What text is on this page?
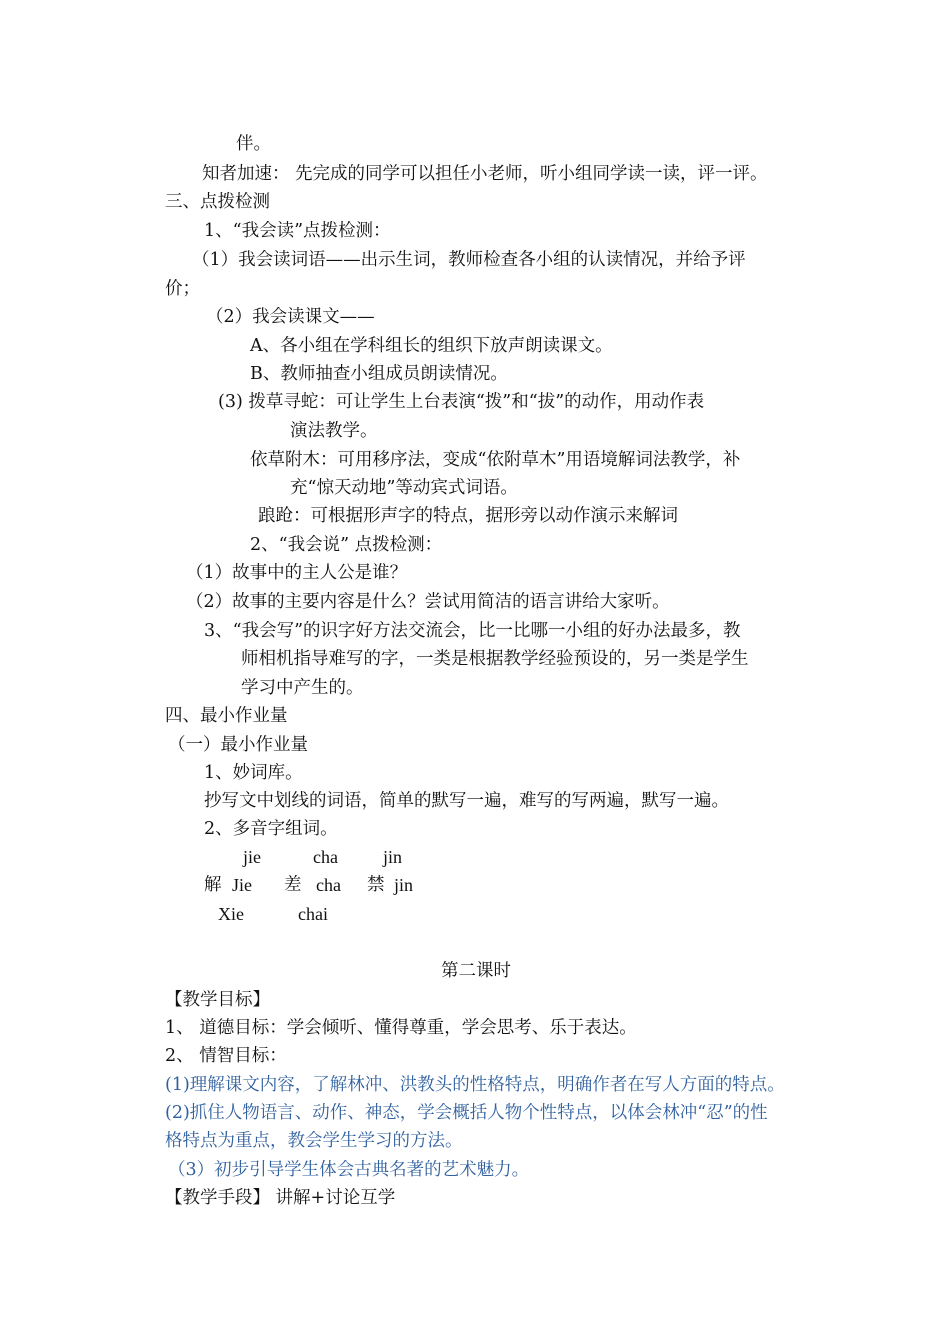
伴。
知者加速： 先完成的同学可以担任小老师，听小组同学读一读，评一评。
三、点拨检测
1、“我会读”点拨检测：
（1）我会读词语——出示生词，教师检查各小组的认读情况，并给予评
价；
（2）我会读课文——
A、各小组在学科组长的组织下放声朗读课文。
B、教师抽查小组成员朗读情况。
(3) 拨草寻蛇：可让学生上台表演“拨”和“拔”的动作，用动作表
演法教学。
依草附木：可用移序法，变成“依附草木”用语境解词法教学，补
充“惊天动地”等动宾式词语。
踉跄：可根据形声字的特点，据形旁以动作演示来解词
2、“我会说” 点拨检测：
（1）故事中的主人公是谁？
（2）故事的主要内容是什么？尝试用简洁的语言讲给大家听。
3、“我会写”的识字好方法交流会，比一比哪一小组的好办法最多，教
师相机指导难写的字，一类是根据教学经验预设的，另一类是学生
学习中产生的。
四、最小作业量
（一）最小作业量
1、妙词库。
抄写文中划线的词语，简单的默写一遍，难写的写两遍，默写一遍。
2、多音字组词。
jie	cha	jin
解 Jie 差 cha 禁 jin
Xie	chai
第二课时
【教学目标】
1、 道德目标：学会倾听、懂得尊重，学会思考、乐于表达。
2、 情智目标：
(1)理解课文内容，了解林冲、洪教头的性格特点，明确作者在写人方面的特点。
(2)抓住人物语言、动作、神态，学会概括人物个性特点，以体会林冲“忍”的性
格特点为重点，教会学生学习的方法。
（3）初步引导学生体会古典名著的艺术魅力。
【教学手段】 讲解+讨论互学
